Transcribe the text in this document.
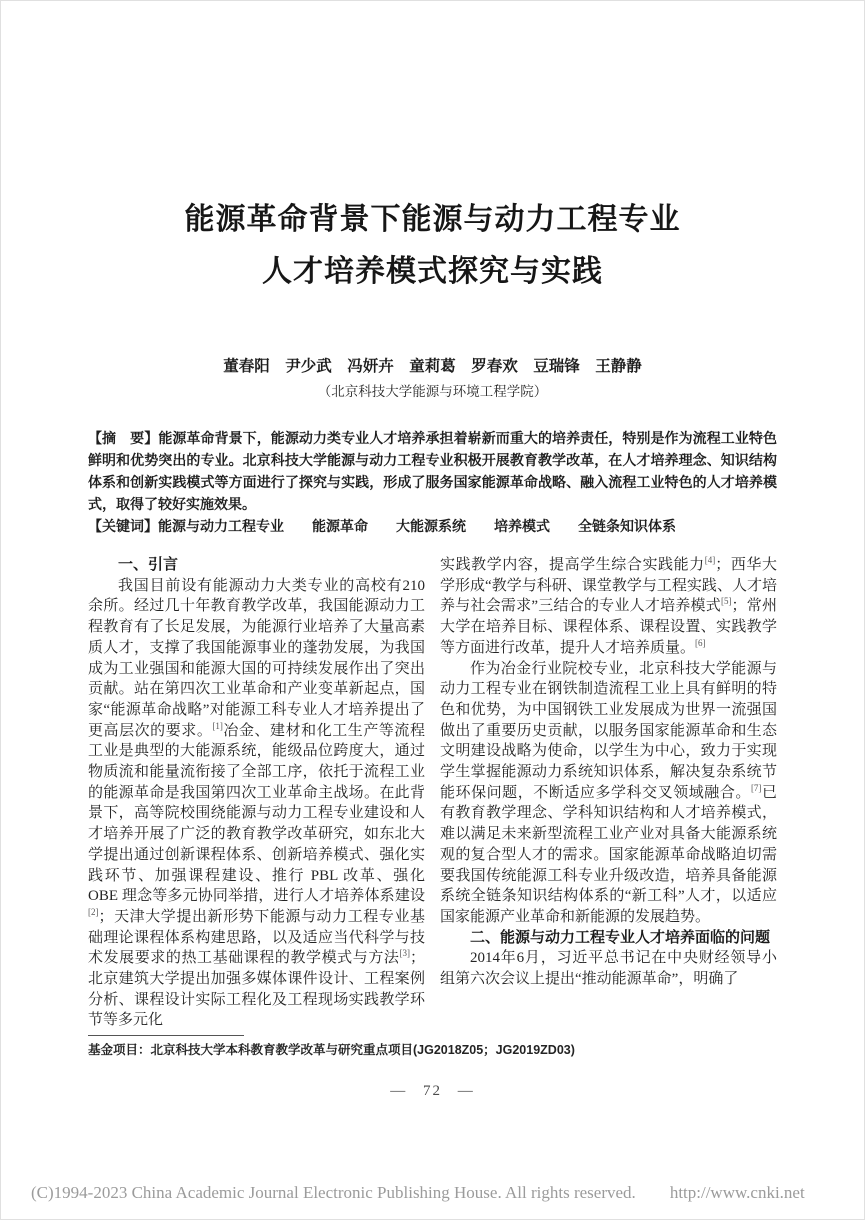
能源革命背景下能源与动力工程专业
人才培养模式探究与实践
董春阳　尹少武　冯妍卉　童莉葛　罗春欢　豆瑞锋　王静静
（北京科技大学能源与环境工程学院）

【摘　要】能源革命背景下，能源动力类专业人才培养承担着崭新而重大的培养责任，特别是作为流程工业特色鲜明和优势突出的专业。北京科技大学能源与动力工程专业积极开展教育教学改革，在人才培养理念、知识结构体系和创新实践模式等方面进行了探究与实践，形成了服务国家能源革命战略、融入流程工业特色的人才培养模式，取得了较好实施效果。

【关键词】能源与动力工程专业　　能源革命　　大能源系统　　培养模式　　全链条知识体系

一、引言

我国目前设有能源动力大类专业的高校有210余所。经过几十年教育教学改革，我国能源动力工程教育有了长足发展，为能源行业培养了大量高素质人才，支撑了我国能源事业的蓬勃发展，为我国成为工业强国和能源大国的可持续发展作出了突出贡献。站在第四次工业革命和产业变革新起点，国家“能源革命战略”对能源工科专业人才培养提出了更高层次的要求。[1]冶金、建材和化工生产等流程工业是典型的大能源系统，能级品位跨度大，通过物质流和能量流衔接了全部工序，依托于流程工业的能源革命是我国第四次工业革命主战场。在此背景下，高等院校围绕能源与动力工程专业建设和人才培养开展了广泛的教育教学改革研究，如东北大学提出通过创新课程体系、创新培养模式、强化实践环节、加强课程建设、推行 PBL 改革、强化 OBE 理念等多元协同举措，进行人才培养体系建设[2]；天津大学提出新形势下能源与动力工程专业基础理论课程体系构建思路，以及适应当代科学与技术发展要求的热工基础课程的教学模式与方法[3]；北京建筑大学提出加强多媒体课件设计、工程案例分析、课程设计实际工程化及工程现场实践教学环节等多元化

实践教学内容，提高学生综合实践能力[4]；西华大学形成“教学与科研、课堂教学与工程实践、人才培养与社会需求”三结合的专业人才培养模式[5]；常州大学在培养目标、课程体系、课程设置、实践教学等方面进行改革，提升人才培养质量。[6]

作为冶金行业院校专业，北京科技大学能源与动力工程专业在钢铁制造流程工业上具有鲜明的特色和优势，为中国钢铁工业发展成为世界一流强国做出了重要历史贡献，以服务国家能源革命和生态文明建设战略为使命，以学生为中心，致力于实现学生掌握能源动力系统知识体系，解决复杂系统节能环保问题，不断适应多学科交叉领域融合。[7]已有教育教学理念、学科知识结构和人才培养模式，难以满足未来新型流程工业产业对具备大能源系统观的复合型人才的需求。国家能源革命战略迫切需要我国传统能源工科专业升级改造，培养具备能源系统全链条知识结构体系的“新工科”人才，以适应国家能源产业革命和新能源的发展趋势。

二、能源与动力工程专业人才培养面临的问题

2014年6月，习近平总书记在中央财经领导小组第六次会议上提出“推动能源革命”，明确了

基金项目：北京科技大学本科教育教学改革与研究重点项目(JG2018Z05；JG2019ZD03)
— 72 —
(C)1994-2023 China Academic Journal Electronic Publishing House. All rights reserved. http://www.cnki.net
